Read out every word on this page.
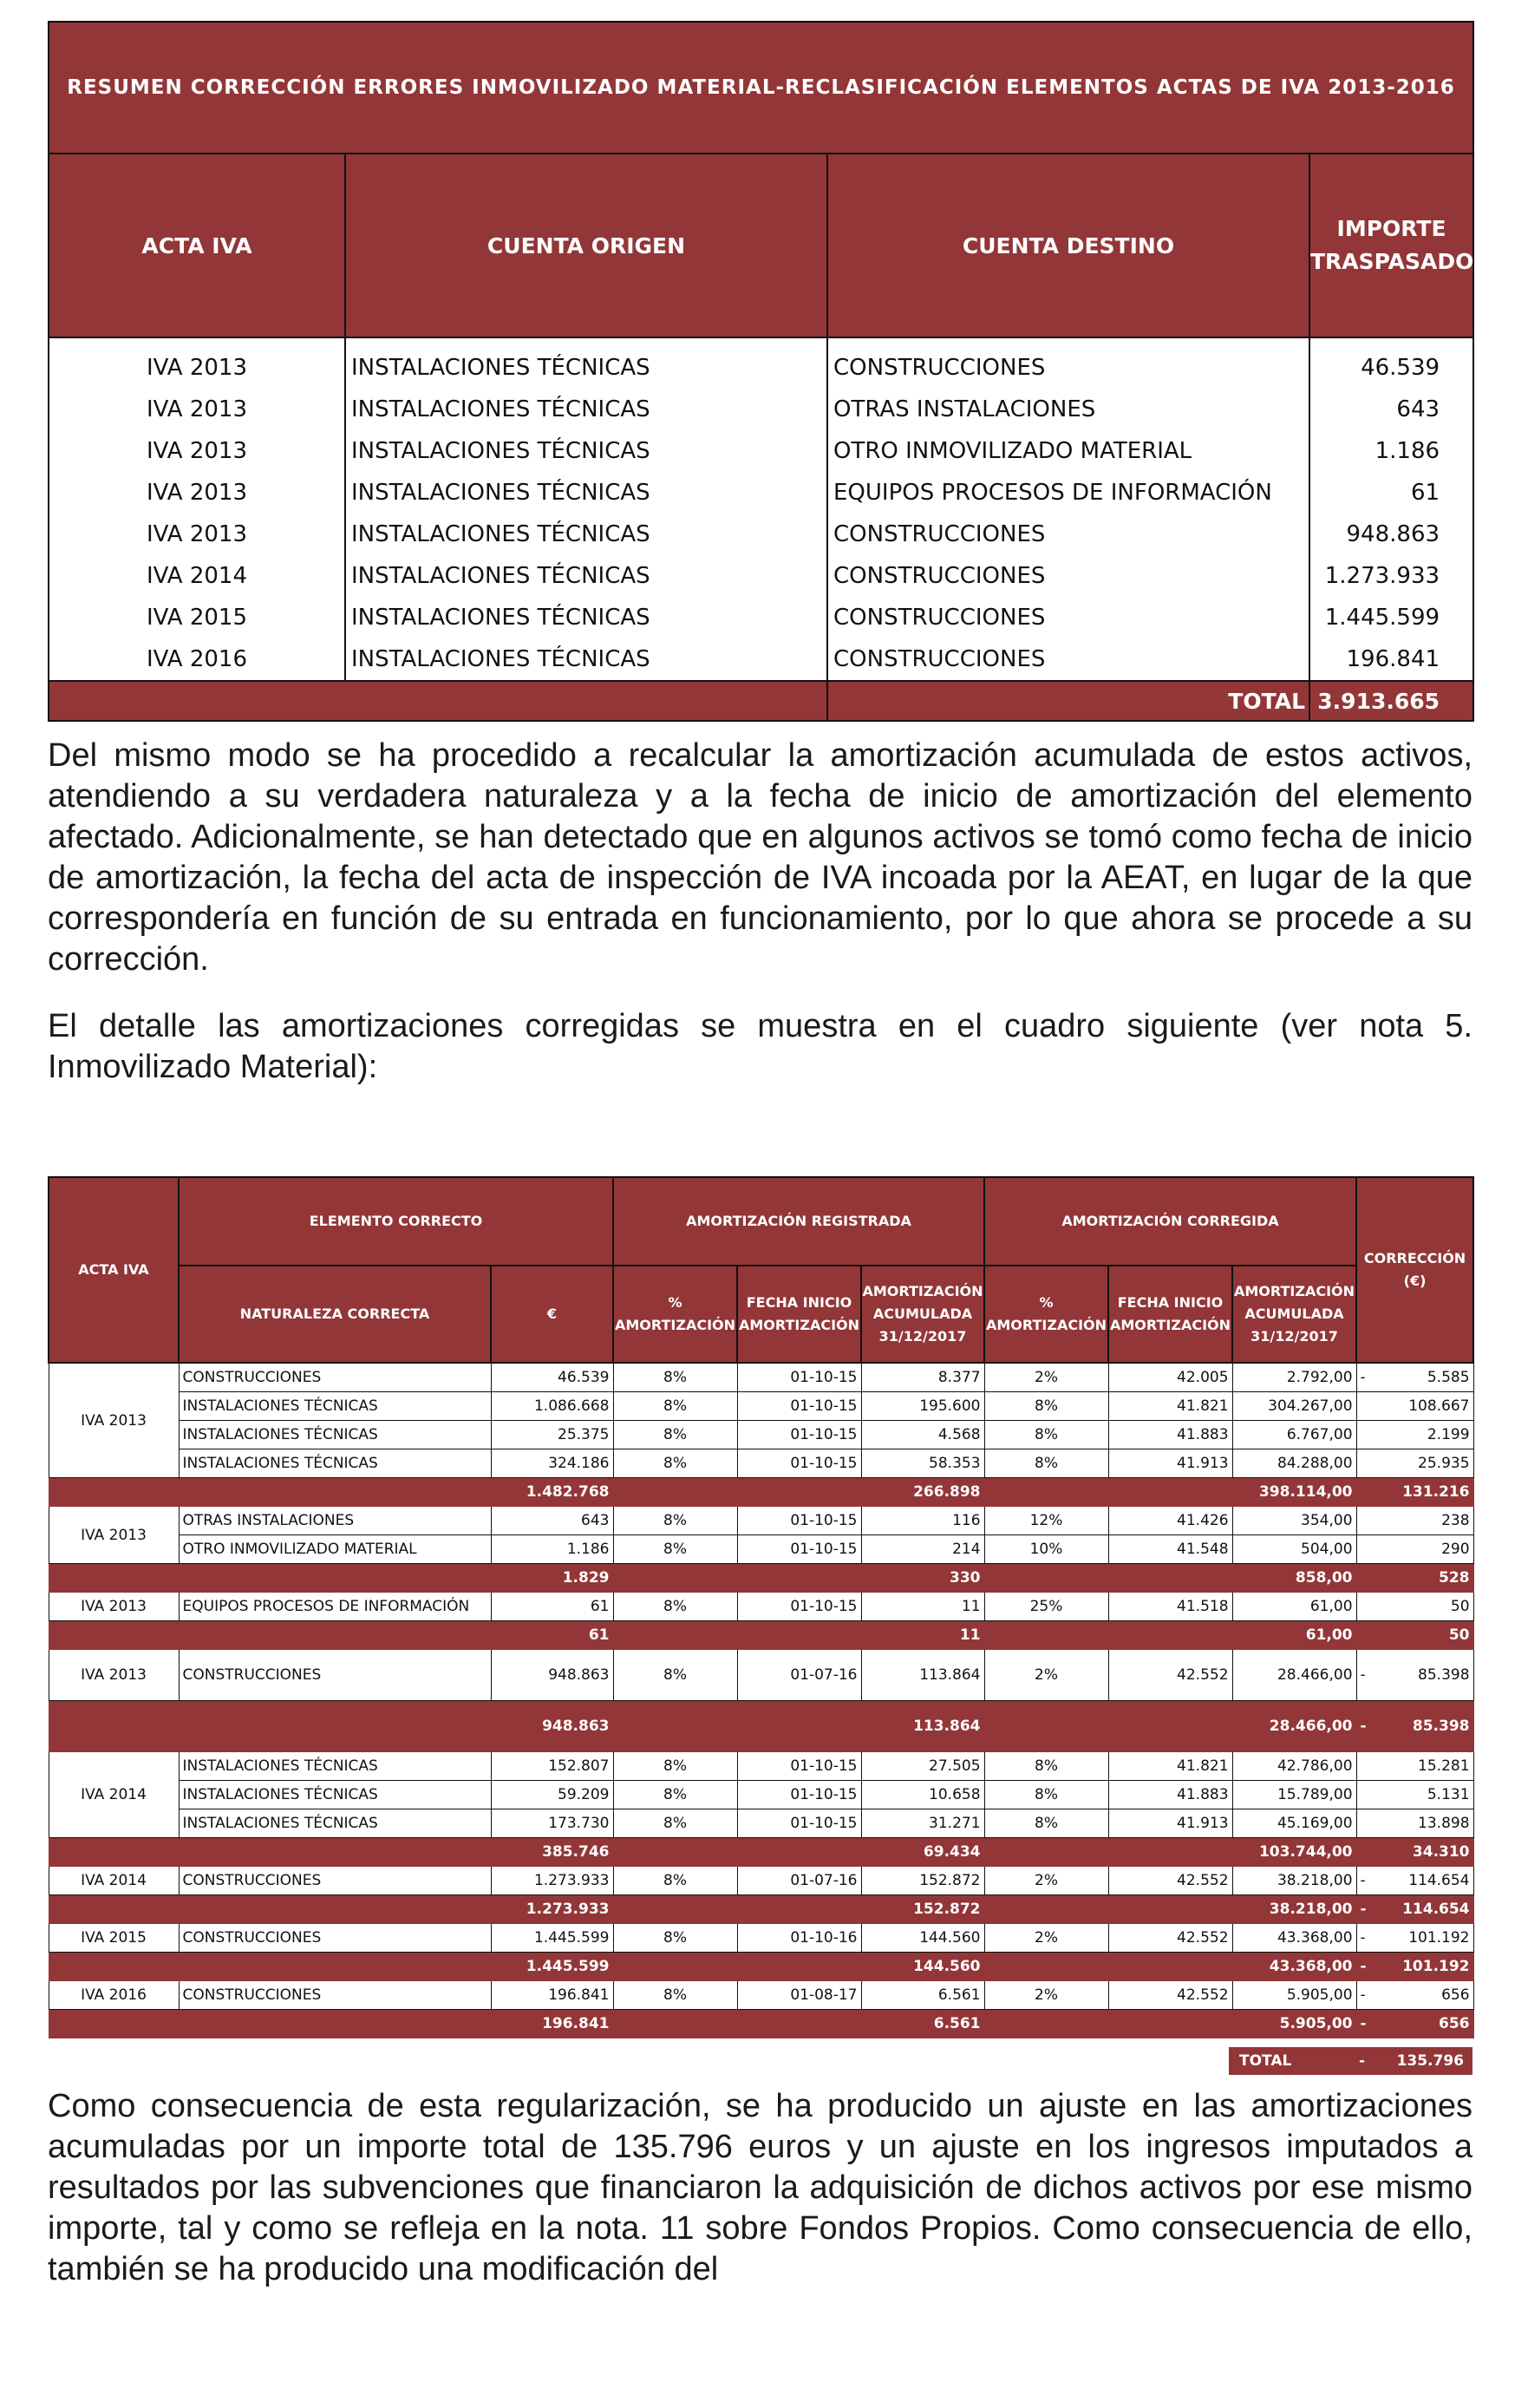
RESUMEN CORRECCIÓN ERRORES INMOVILIZADO MATERIAL-RECLASIFICACIÓN ELEMENTOS ACTAS DE IVA 2013-2016			
ACTA IVA	CUENTA ORIGEN	CUENTA DESTINO	IMPORTE TRASPASADO
IVA 2013	INSTALACIONES TÉCNICAS	CONSTRUCCIONES	46.539
IVA 2013	INSTALACIONES TÉCNICAS	OTRAS INSTALACIONES	643
IVA 2013	INSTALACIONES TÉCNICAS	OTRO INMOVILIZADO MATERIAL	1.186
IVA 2013	INSTALACIONES TÉCNICAS	EQUIPOS PROCESOS DE INFORMACIÓN	61
IVA 2013	INSTALACIONES TÉCNICAS	CONSTRUCCIONES	948.863
IVA 2014	INSTALACIONES TÉCNICAS	CONSTRUCCIONES	1.273.933
IVA 2015	INSTALACIONES TÉCNICAS	CONSTRUCCIONES	1.445.599
IVA 2016	INSTALACIONES TÉCNICAS	CONSTRUCCIONES	196.841
		TOTAL	3.913.665

Del mismo modo se ha procedido a recalcular la amortización acumulada de estos activos, atendiendo a su verdadera naturaleza y a la fecha de inicio de amortización del elemento afectado. Adicionalmente, se han detectado que en algunos activos se tomó como fecha de inicio de amortización, la fecha del acta de inspección de IVA incoada por la AEAT, en lugar de la que correspondería en función de su entrada en funcionamiento, por lo que ahora se procede a su corrección.

El detalle las amortizaciones corregidas se muestra en el cuadro siguiente (ver nota 5. Inmovilizado Material):

ACTA IVA	ELEMENTO CORRECTO		AMORTIZACIÓN REGISTRADA			AMORTIZACIÓN CORREGIDA			CORRECCIÓN (€)
	NATURALEZA CORRECTA	€	% AMORTIZACIÓN	FECHA INICIO AMORTIZACIÓN	AMORTIZACIÓN ACUMULADA 31/12/2017	% AMORTIZACIÓN	FECHA INICIO AMORTIZACIÓN	AMORTIZACIÓN ACUMULADA 31/12/2017	
IVA 2013	CONSTRUCCIONES	46.539	8%	01-10-15	8.377	2%	42.005	2.792,00	- 5.585
	INSTALACIONES TÉCNICAS	1.086.668	8%	01-10-15	195.600	8%	41.821	304.267,00	108.667
	INSTALACIONES TÉCNICAS	25.375	8%	01-10-15	4.568	8%	41.883	6.767,00	2.199
	INSTALACIONES TÉCNICAS	324.186	8%	01-10-15	58.353	8%	41.913	84.288,00	25.935
		1.482.768			266.898			398.114,00	131.216
IVA 2013	OTRAS INSTALACIONES	643	8%	01-10-15	116	12%	41.426	354,00	238
	OTRO INMOVILIZADO MATERIAL	1.186	8%	01-10-15	214	10%	41.548	504,00	290
		1.829			330			858,00	528
IVA 2013	EQUIPOS PROCESOS DE INFORMACIÓN	61	8%	01-10-15	11	25%	41.518	61,00	50
		61			11			61,00	50
IVA 2013	CONSTRUCCIONES	948.863	8%	01-07-16	113.864	2%	42.552	28.466,00	- 85.398
		948.863			113.864			28.466,00	- 85.398
IVA 2014	INSTALACIONES TÉCNICAS	152.807	8%	01-10-15	27.505	8%	41.821	42.786,00	15.281
	INSTALACIONES TÉCNICAS	59.209	8%	01-10-15	10.658	8%	41.883	15.789,00	5.131
	INSTALACIONES TÉCNICAS	173.730	8%	01-10-15	31.271	8%	41.913	45.169,00	13.898
		385.746			69.434			103.744,00	34.310
IVA 2014	CONSTRUCCIONES	1.273.933	8%	01-07-16	152.872	2%	42.552	38.218,00	- 114.654
		1.273.933			152.872			38.218,00	- 114.654
IVA 2015	CONSTRUCCIONES	1.445.599	8%	01-10-16	144.560	2%	42.552	43.368,00	- 101.192
		1.445.599			144.560			43.368,00	- 101.192
IVA 2016	CONSTRUCCIONES	196.841	8%	01-08-17	6.561	2%	42.552	5.905,00	- 656
		196.841			6.561			5.905,00	- 656
TOTAL	- 135.796

Como consecuencia de esta regularización, se ha producido un ajuste en las amortizaciones acumuladas por un importe total de 135.796 euros y un ajuste en los ingresos imputados a resultados por las subvenciones que financiaron la adquisición de dichos activos por ese mismo importe, tal y como se refleja en la nota. 11 sobre Fondos Propios. Como consecuencia de ello, también se ha producido una modificación del
